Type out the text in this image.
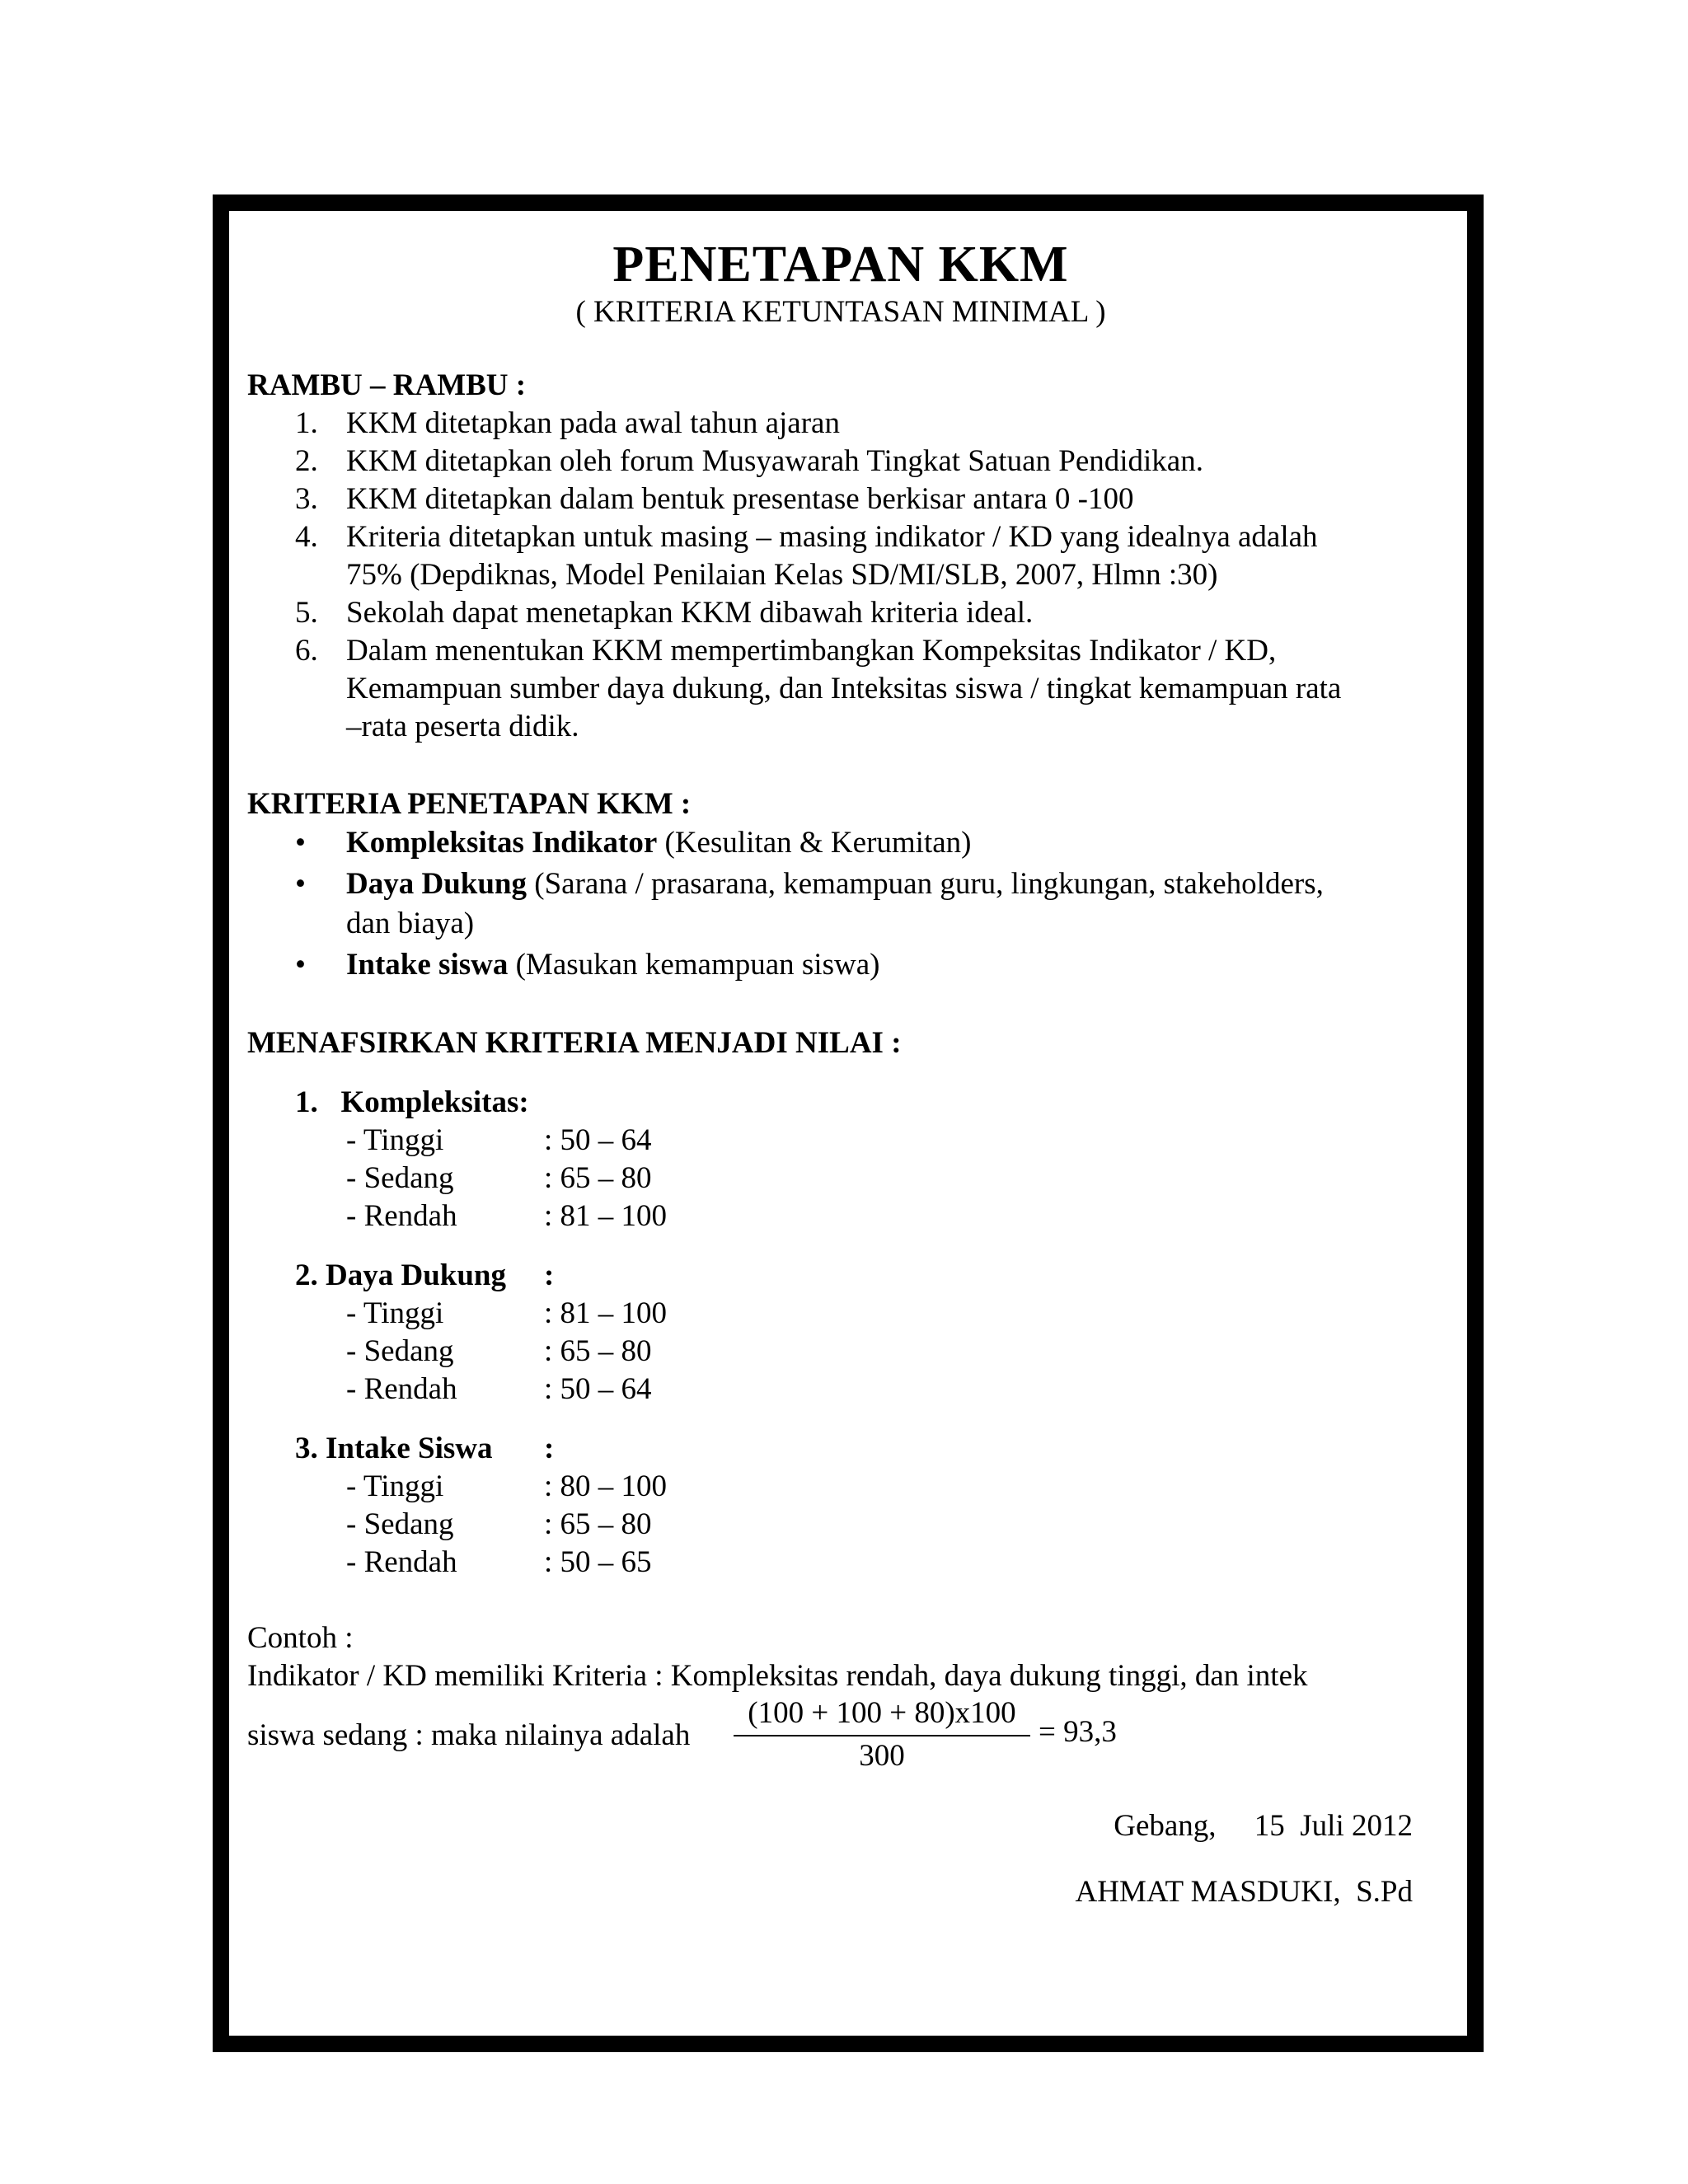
PENETAPAN KKM

( KRITERIA KETUNTASAN MINIMAL )

RAMBU – RAMBU :

1. KKM ditetapkan pada awal tahun ajaran
2. KKM ditetapkan oleh forum Musyawarah Tingkat Satuan Pendidikan.
3. KKM ditetapkan dalam bentuk presentase berkisar antara 0 -100
4. Kriteria ditetapkan untuk masing – masing indikator / KD yang idealnya adalah
75% (Depdiknas, Model Penilaian Kelas SD/MI/SLB, 2007, Hlmn :30)
5. Sekolah dapat menetapkan KKM dibawah kriteria ideal.
6. Dalam menentukan KKM mempertimbangkan Kompeksitas Indikator / KD,
Kemampuan sumber daya dukung, dan Inteksitas siswa / tingkat kemampuan rata
–rata peserta didik.

KRITERIA PENETAPAN KKM :

• Kompleksitas Indikator (Kesulitan & Kerumitan)
• Daya Dukung (Sarana / prasarana, kemampuan guru, lingkungan, stakeholders,
dan biaya)
• Intake siswa (Masukan kemampuan siswa)

MENAFSIRKAN KRITERIA MENJADI NILAI :

1.   Kompleksitas:
- Tinggi	: 50 – 64
- Sedang	: 65 – 80
- Rendah	: 81 – 100
2. Daya Dukung :
- Tinggi	: 81 – 100
- Sedang	: 65 – 80
- Rendah	: 50 – 64
3. Intake Siswa :
- Tinggi	: 80 – 100
- Sedang	: 65 – 80
- Rendah	: 50 – 65
Contoh :
Indikator / KD memiliki Kriteria : Kompleksitas rendah, daya dukung tinggi, dan intek
siswa sedang : maka nilainya adalah
(100 + 100 + 80)x100
300
= 93,3
Gebang,     15  Juli 2012
AHMAT MASDUKI,  S.Pd
